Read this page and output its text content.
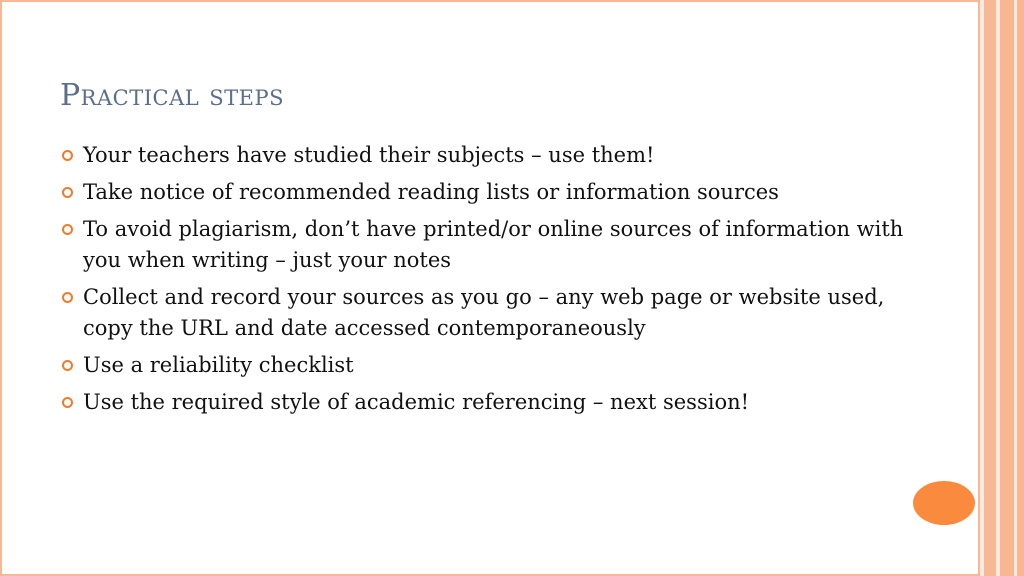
Practical steps
Your teachers have studied their subjects – use them!
Take notice of recommended reading lists or information sources
To avoid plagiarism, don’t have printed/or online sources of information with you when writing – just your notes
Collect and record your sources as you go – any web page or website used, copy the URL and date accessed contemporaneously
Use a reliability checklist
Use the required style of academic referencing – next session!
